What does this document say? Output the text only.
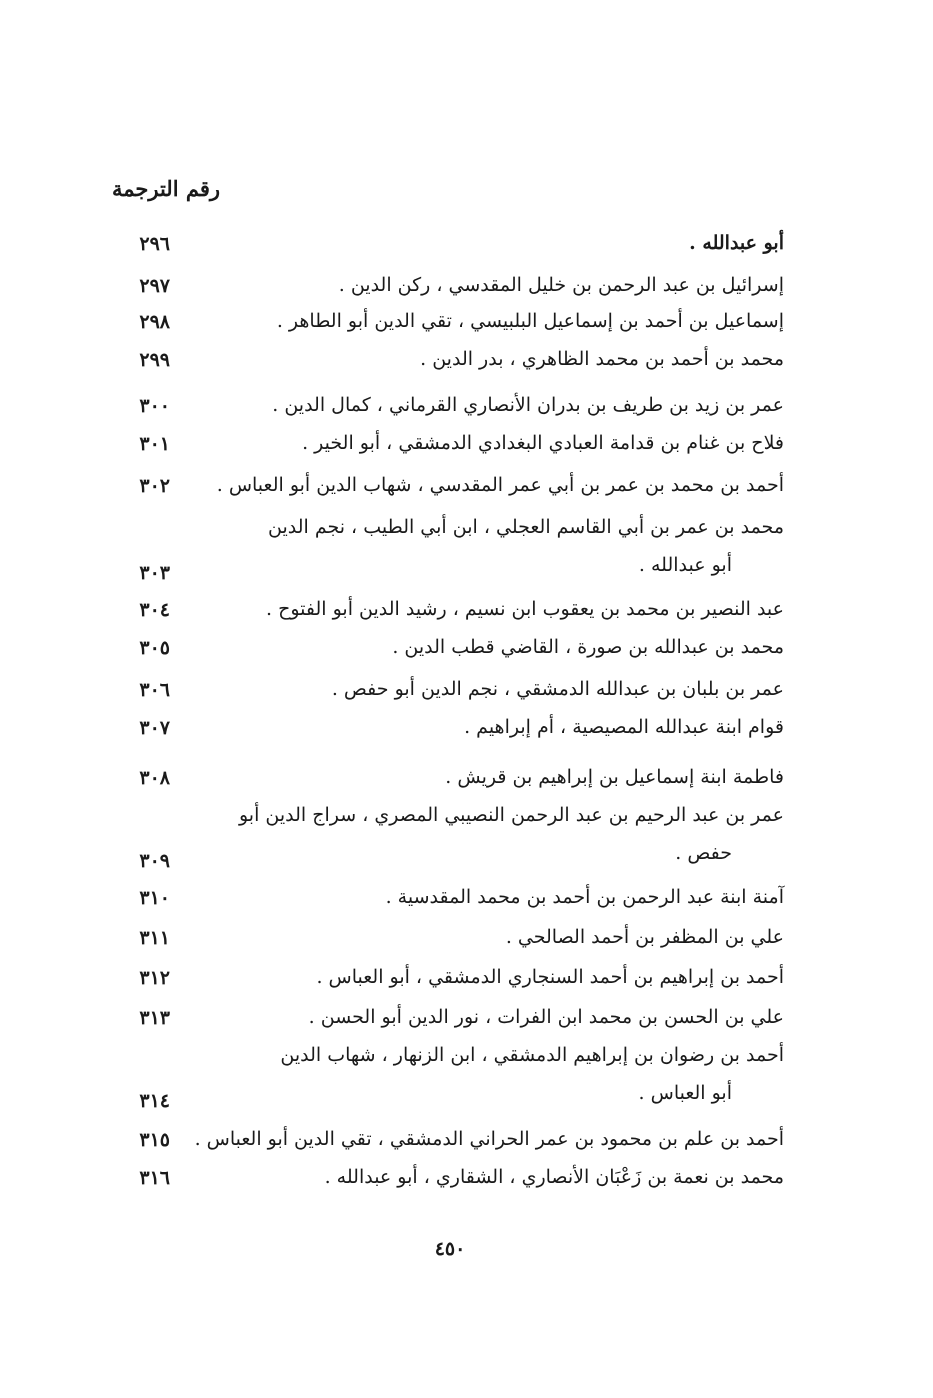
رقم الترجمة
أبو عبدالله .
٢٩٦
إسرائيل بن عبد الرحمن بن خليل المقدسي ، ركن الدين .
٢٩٧
إسماعيل بن أحمد بن إسماعيل البلبيسي ، تقي الدين أبو الطاهر .
٢٩٨
محمد بن أحمد بن محمد الظاهري ، بدر الدين .
٢٩٩
عمر بن زيد بن طريف بن بدران الأنصاري القرماني ، كمال الدين .
٣٠٠
فلاح بن غنام بن قدامة العبادي البغدادي الدمشقي ، أبو الخير .
٣٠١
أحمد بن محمد بن عمر بن أبي عمر المقدسي ، شهاب الدين أبو العباس .
٣٠٢
محمد بن عمر بن أبي القاسم العجلي ، ابن أبي الطيب ، نجم الدين
أبو عبدالله .
٣٠٣
عبد النصير بن محمد بن يعقوب ابن نسيم ، رشيد الدين أبو الفتوح .
٣٠٤
محمد بن عبدالله بن صورة ، القاضي قطب الدين .
٣٠٥
عمر بن بلبان بن عبدالله الدمشقي ، نجم الدين أبو حفص .
٣٠٦
قوام ابنة عبدالله المصيصية ، أم إبراهيم .
٣٠٧
فاطمة ابنة إسماعيل بن إبراهيم بن قريش .
٣٠٨
عمر بن عبد الرحيم بن عبد الرحمن النصيبي المصري ، سراج الدين أبو
حفص .
٣٠٩
آمنة ابنة عبد الرحمن بن أحمد بن محمد المقدسية .
٣١٠
علي بن المظفر بن أحمد الصالحي .
٣١١
أحمد بن إبراهيم بن أحمد السنجاري الدمشقي ، أبو العباس .
٣١٢
علي بن الحسن بن محمد ابن الفرات ، نور الدين أبو الحسن .
٣١٣
أحمد بن رضوان بن إبراهيم الدمشقي ، ابن الزنهار ، شهاب الدين
أبو العباس .
٣١٤
أحمد بن علم بن محمود بن عمر الحراني الدمشقي ، تقي الدين أبو العباس .
٣١٥
محمد بن نعمة بن زَعْبَان الأنصاري ، الشقاري ، أبو عبدالله .
٣١٦
٤٥٠
